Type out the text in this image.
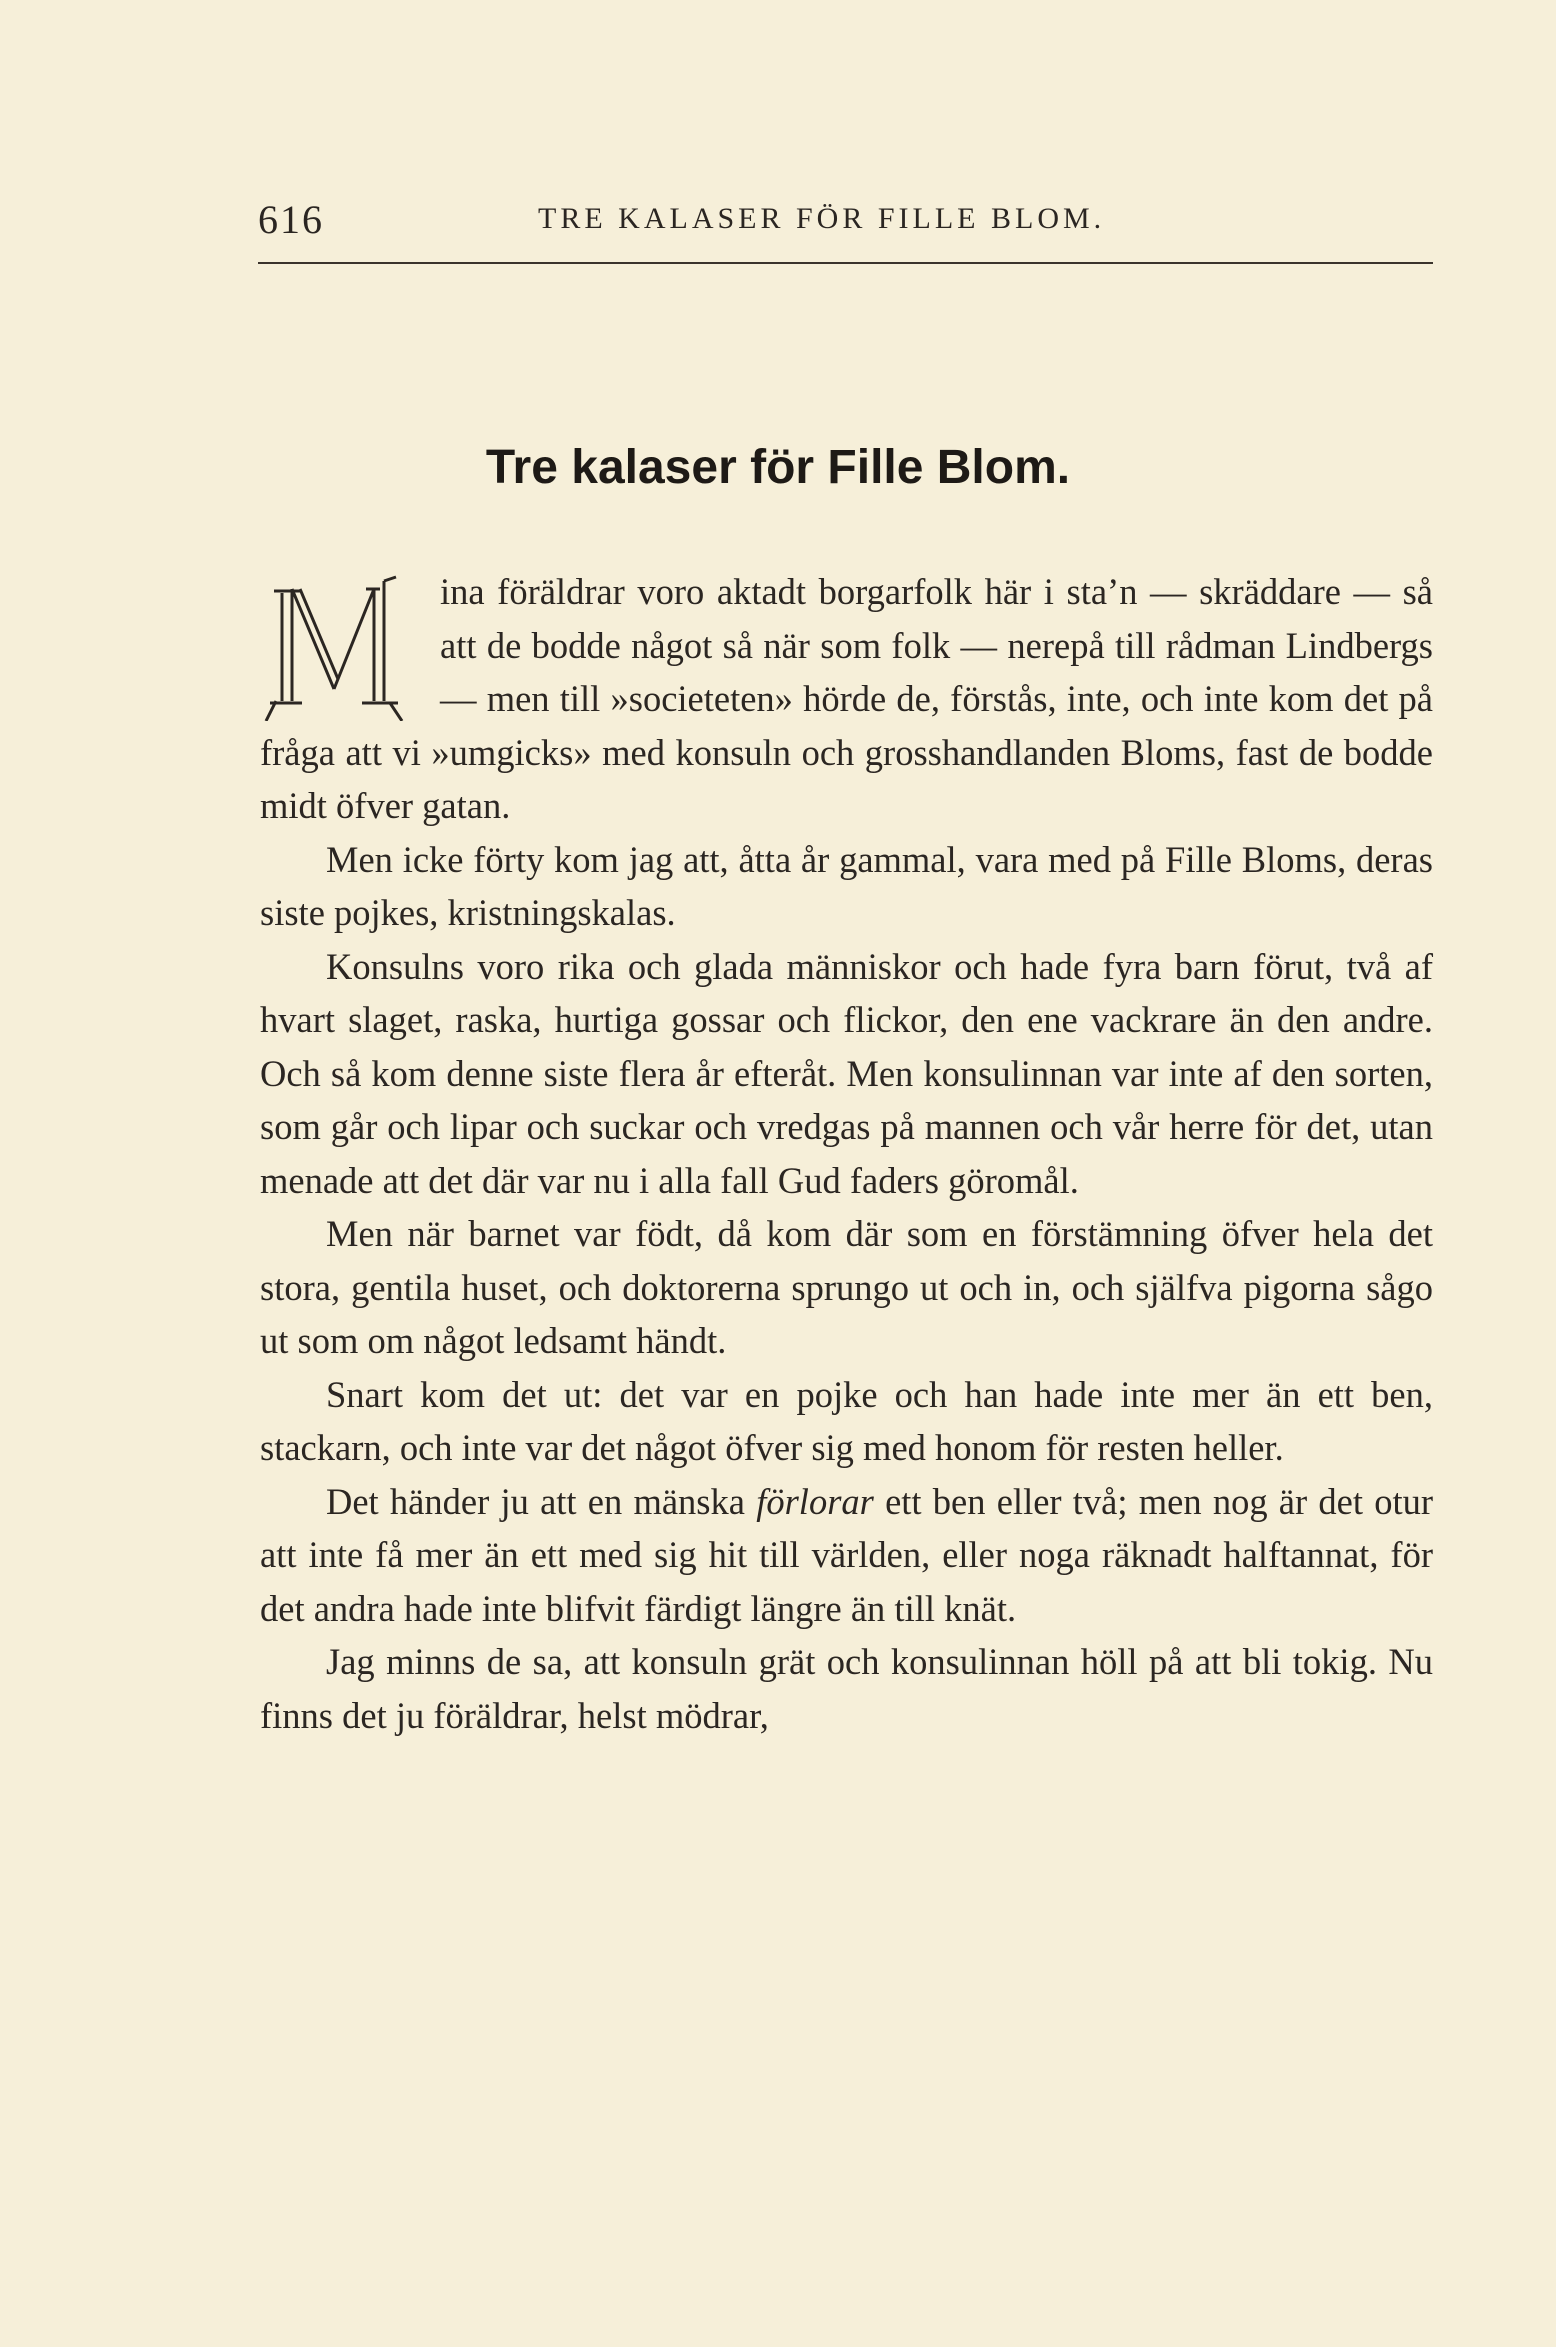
616	TRE KALASER FÖR FILLE BLOM.
Tre kalaser för Fille Blom.

ina föräldrar voro aktadt borgarfolk här i sta’n — skräddare — så att de bodde något så när som folk — nerepå till rådman Lindbergs — men till »societeten» hörde de, förstås, inte, och inte kom det på fråga att vi »umgicks» med konsuln och grosshandlanden Bloms, fast de bodde midt öfver gatan.

Men icke förty kom jag att, åtta år gammal, vara med på Fille Bloms, deras siste pojkes, kristningskalas.

Konsulns voro rika och glada människor och hade fyra barn förut, två af hvart slaget, raska, hurtiga gossar och flickor, den ene vackrare än den andre. Och så kom denne siste flera år efteråt. Men konsulinnan var inte af den sorten, som går och lipar och suckar och vredgas på mannen och vår herre för det, utan menade att det där var nu i alla fall Gud faders göromål.

Men när barnet var födt, då kom där som en förstämning öfver hela det stora, gentila huset, och doktorerna sprungo ut och in, och själfva pigorna sågo ut som om något ledsamt händt.

Snart kom det ut: det var en pojke och han hade inte mer än ett ben, stackarn, och inte var det något öfver sig med honom för resten heller.

Det händer ju att en mänska förlorar ett ben eller två; men nog är det otur att inte få mer än ett med sig hit till världen, eller noga räknadt halftannat, för det andra hade inte blifvit färdigt längre än till knät.

Jag minns de sa, att konsuln grät och konsulinnan höll på att bli tokig. Nu finns det ju föräldrar, helst mödrar,
